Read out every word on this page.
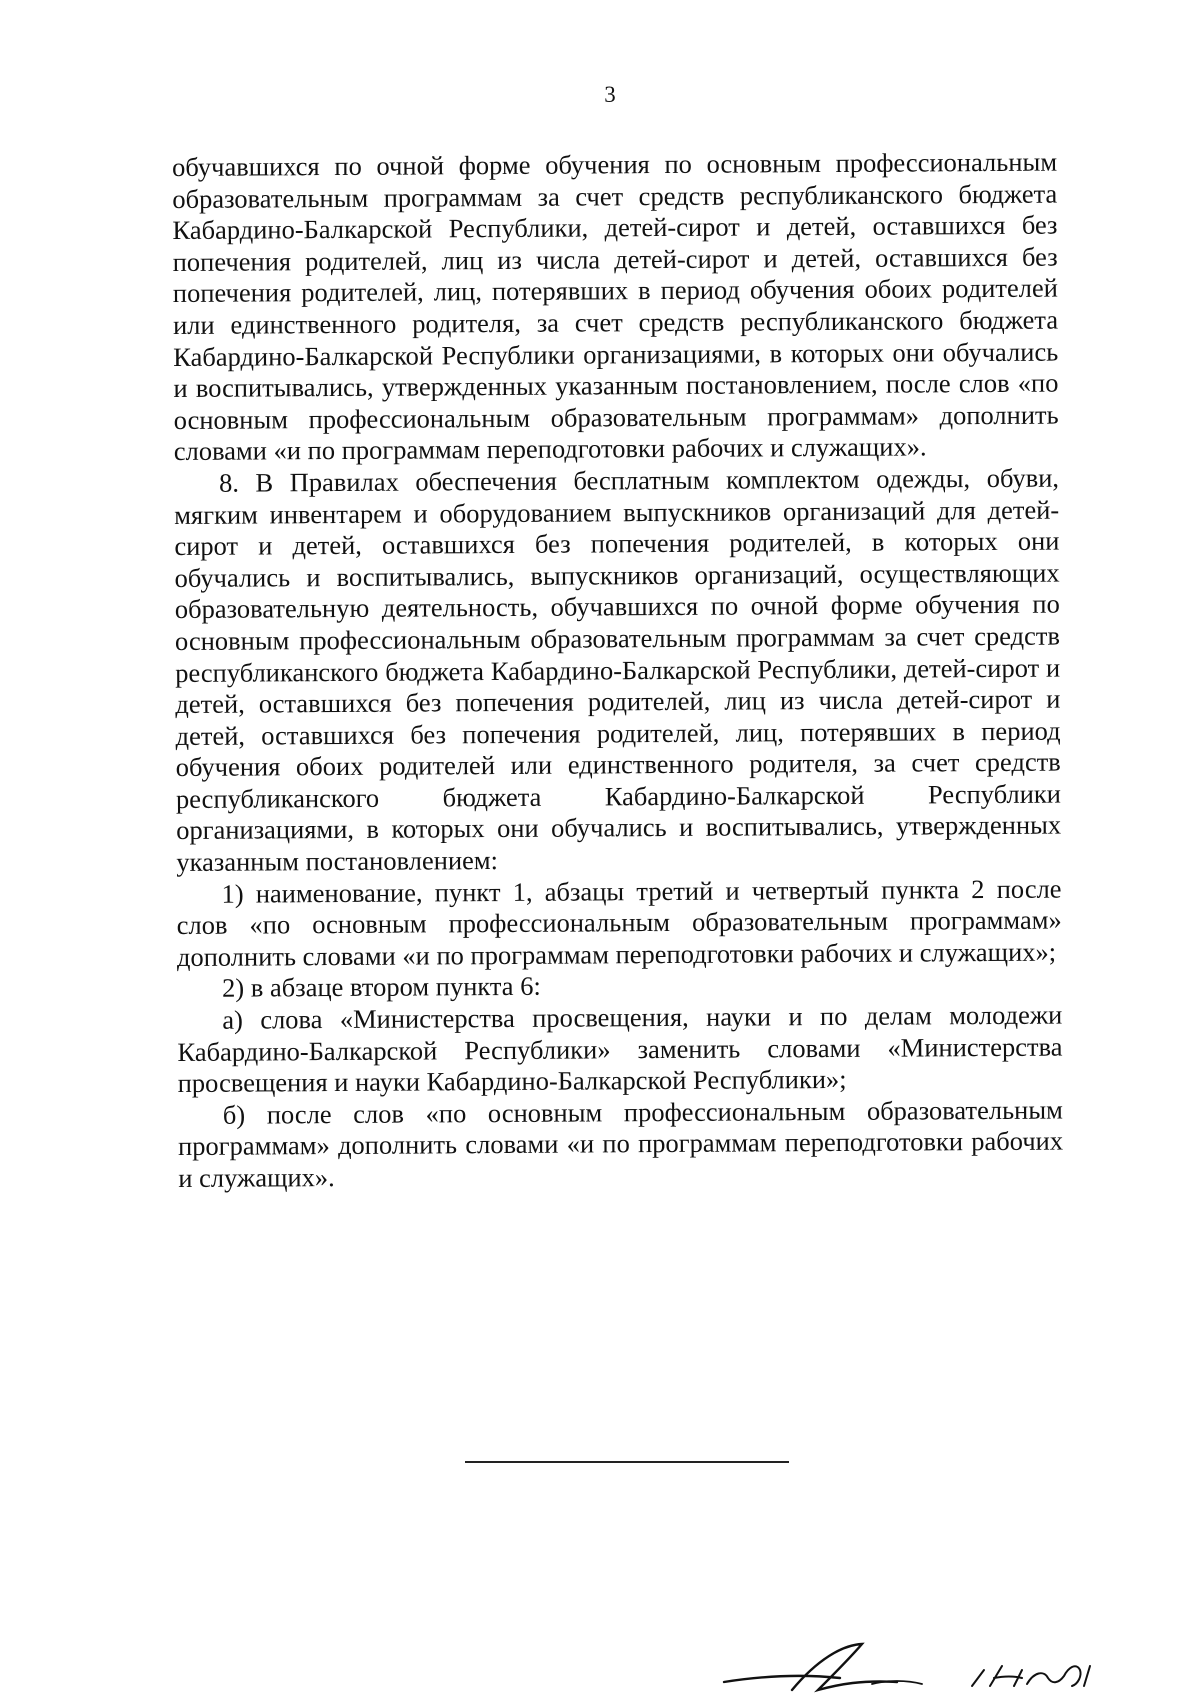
3

обучавшихся по очной форме обучения по основным профессиональным образовательным программам за счет средств республиканского бюджета Кабардино-Балкарской Республики, детей-сирот и детей, оставшихся без попечения родителей, лиц из числа детей-сирот и детей, оставшихся без попечения родителей, лиц, потерявших в период обучения обоих родителей или единственного родителя, за счет средств республиканского бюджета Кабардино-Балкарской Республики организациями, в которых они обучались и воспитывались, утвержденных указанным постановлением, после слов «по основным профессиональным образовательным программам» дополнить словами «и по программам переподготовки рабочих и служащих».

8. В Правилах обеспечения бесплатным комплектом одежды, обуви, мягким инвентарем и оборудованием выпускников организаций для детей-сирот и детей, оставшихся без попечения родителей, в которых они обучались и воспитывались, выпускников организаций, осуществляющих образовательную деятельность, обучавшихся по очной форме обучения по основным профессиональным образовательным программам за счет средств республиканского бюджета Кабардино-Балкарской Республики, детей-сирот и детей, оставшихся без попечения родителей, лиц из числа детей-сирот и детей, оставшихся без попечения родителей, лиц, потерявших в период обучения обоих родителей или единственного родителя, за счет средств республиканского бюджета Кабардино-Балкарской Республики организациями, в которых они обучались и воспитывались, утвержденных указанным постановлением:

1) наименование, пункт 1, абзацы третий и четвертый пункта 2 после слов «по основным профессиональным образовательным программам» дополнить словами «и по программам переподготовки рабочих и служащих»;

2) в абзаце втором пункта 6:

а) слова «Министерства просвещения, науки и по делам молодежи Кабардино-Балкарской Республики» заменить словами «Министерства просвещения и науки Кабардино-Балкарской Республики»;

б) после слов «по основным профессиональным образовательным программам» дополнить словами «и по программам переподготовки рабочих и служащих».
